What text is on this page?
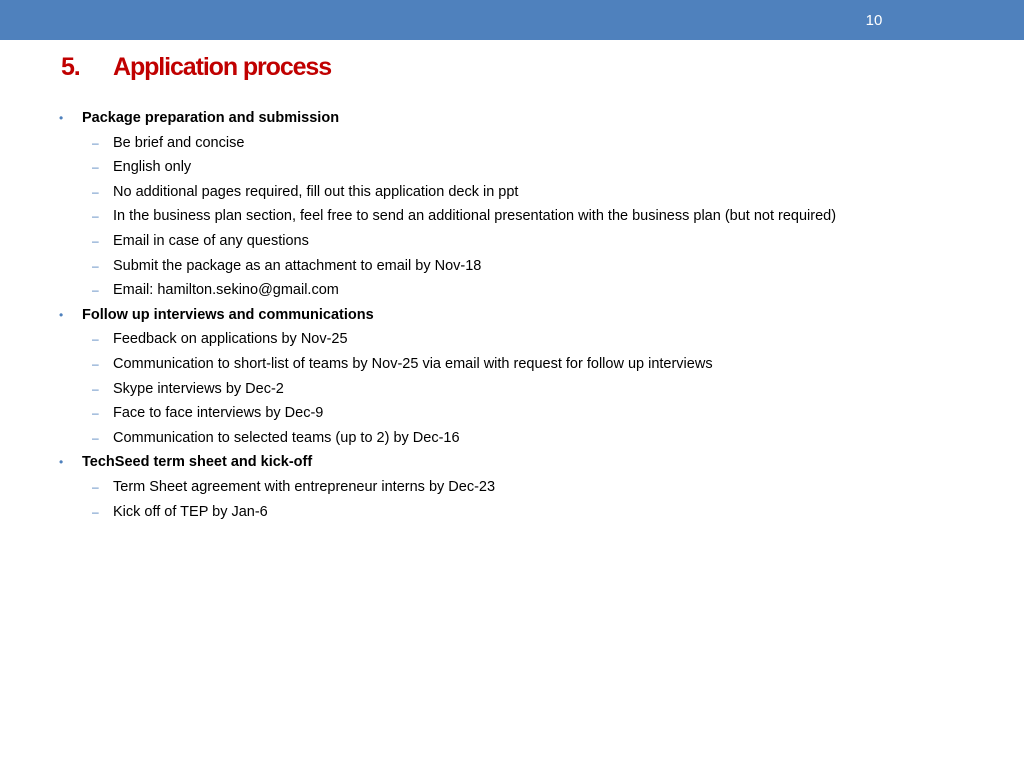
10
5. Application process
• Package preparation and submission
– Be brief and concise
– English only
– No additional pages required, fill out this application deck in ppt
– In the business plan section, feel free to send an additional presentation with the business plan (but not required)
– Email in case of any questions
– Submit the package as an attachment to email by Nov-18
– Email: hamilton.sekino@gmail.com
• Follow up interviews and communications
– Feedback on applications by Nov-25
– Communication to short-list of teams by Nov-25 via email with request for follow up interviews
– Skype interviews by Dec-2
– Face to face interviews by Dec-9
– Communication to selected teams (up to 2) by Dec-16
• TechSeed term sheet and kick-off
– Term Sheet agreement with entrepreneur interns by Dec-23
– Kick off of TEP by Jan-6
